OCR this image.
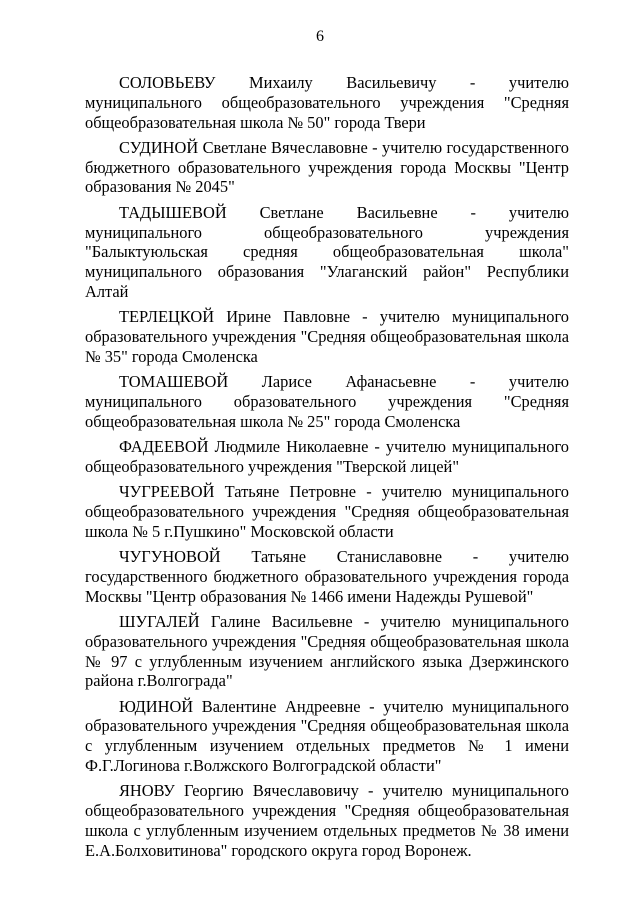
6

СОЛОВЬЕВУ Михаилу Васильевичу - учителю муниципального общеобразовательного учреждения "Средняя общеобразовательная школа № 50" города Твери

СУДИНОЙ Светлане Вячеславовне - учителю государственного бюджетного образовательного учреждения города Москвы "Центр образования № 2045"

ТАДЫШЕВОЙ Светлане Васильевне - учителю муниципального общеобразовательного учреждения "Балыктуюльская средняя общеобразовательная школа" муниципального образования "Улаганский район" Республики Алтай

ТЕРЛЕЦКОЙ Ирине Павловне - учителю муниципального образовательного учреждения "Средняя общеобразовательная школа № 35" города Смоленска

ТОМАШЕВОЙ Ларисе Афанасьевне - учителю муниципального образовательного учреждения "Средняя общеобразовательная школа № 25" города Смоленска

ФАДЕЕВОЙ Людмиле Николаевне - учителю муниципального общеобразовательного учреждения "Тверской лицей"

ЧУГРЕЕВОЙ Татьяне Петровне - учителю муниципального общеобразовательного учреждения "Средняя общеобразовательная школа № 5 г.Пушкино" Московской области

ЧУГУНОВОЙ Татьяне Станиславовне - учителю государственного бюджетного образовательного учреждения города Москвы "Центр образования № 1466 имени Надежды Рушевой"

ШУГАЛЕЙ Галине Васильевне - учителю муниципального образовательного учреждения "Средняя общеобразовательная школа № 97 с углубленным изучением английского языка Дзержинского района г.Волгограда"

ЮДИНОЙ Валентине Андреевне - учителю муниципального образовательного учреждения "Средняя общеобразовательная школа с углубленным изучением отдельных предметов № 1 имени Ф.Г.Логинова г.Волжского Волгоградской области"

ЯНОВУ Георгию Вячеславовичу - учителю муниципального общеобразовательного учреждения "Средняя общеобразовательная школа с углубленным изучением отдельных предметов № 38 имени Е.А.Болховитинова" городского округа город Воронеж.
